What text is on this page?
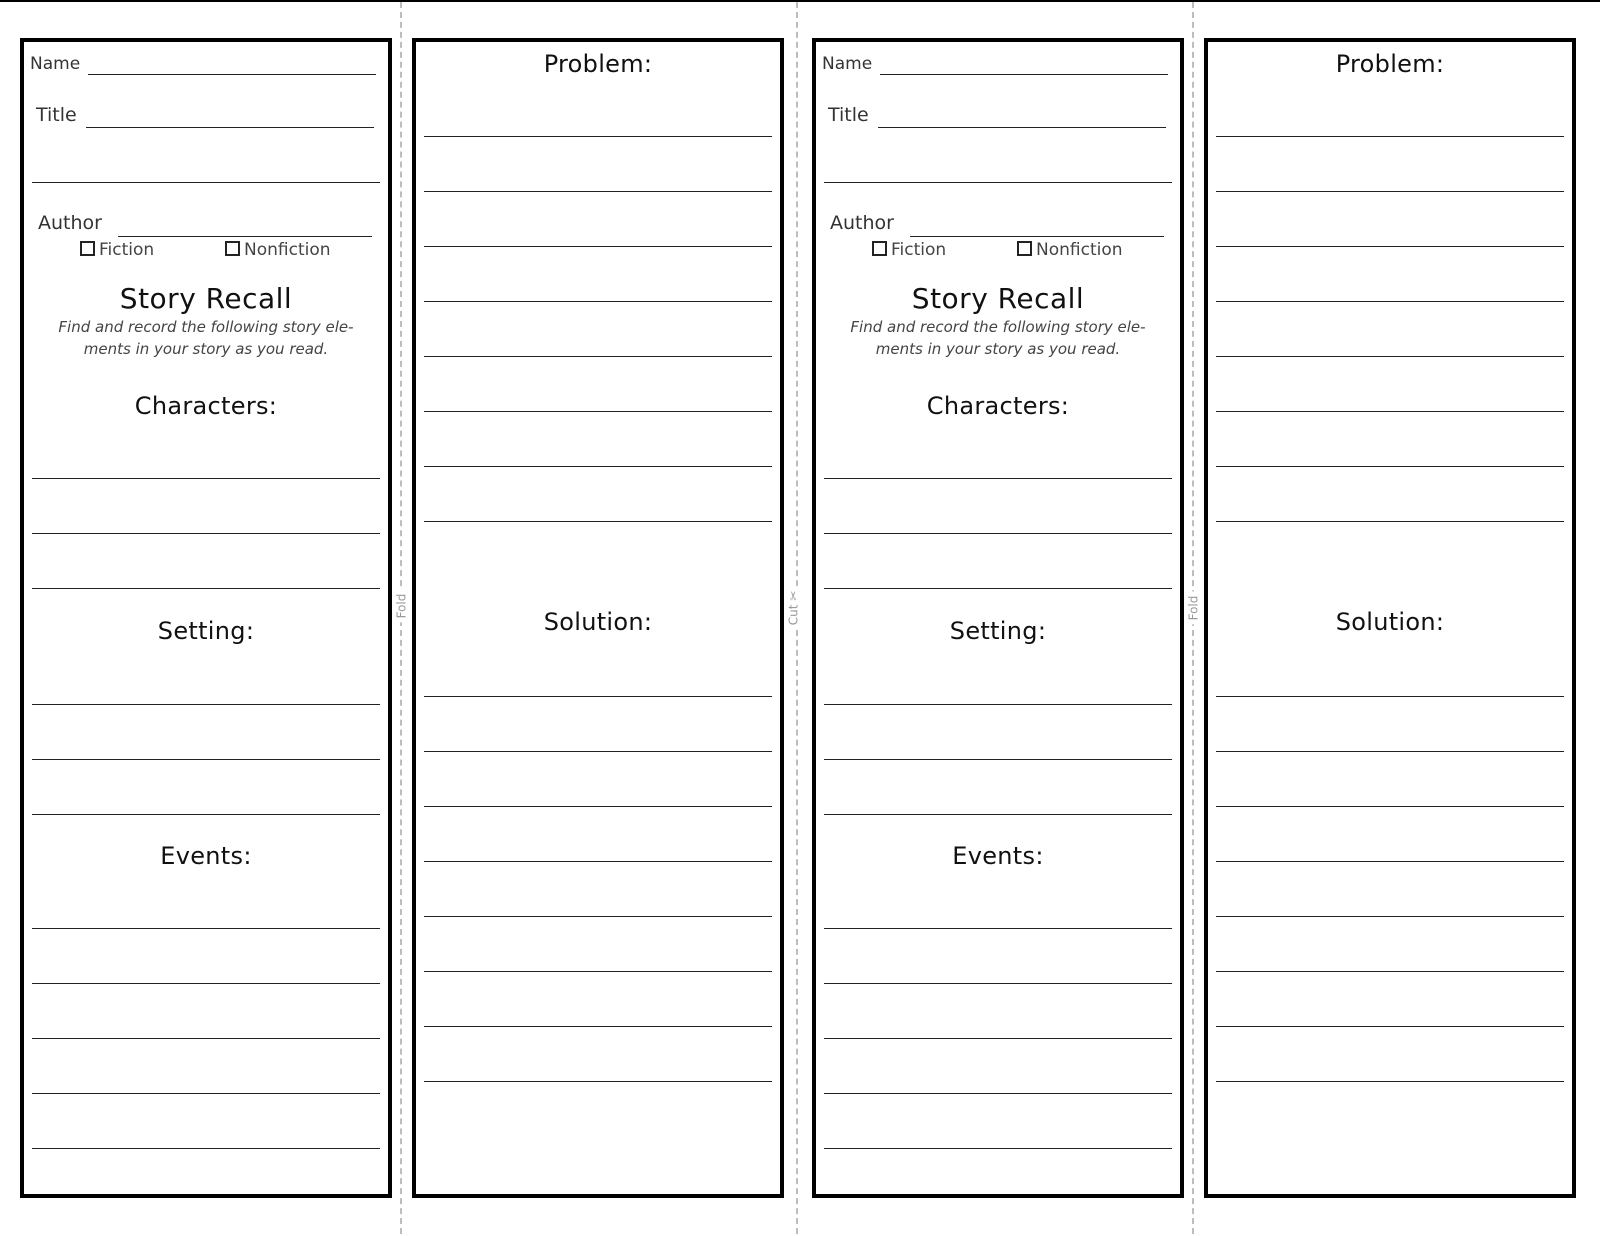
Fold	Cut ✂	Fold
Name
Title
Author
Fiction	Nonfiction
Story Recall
Find and record the following story ele-
ments in your story as you read.
Characters:
Setting:
Events:
Problem:
Solution:
Name
Title
Author
Fiction	Nonfiction
Story Recall
Find and record the following story ele-
ments in your story as you read.
Characters:
Setting:
Events:
Problem:
Solution:
